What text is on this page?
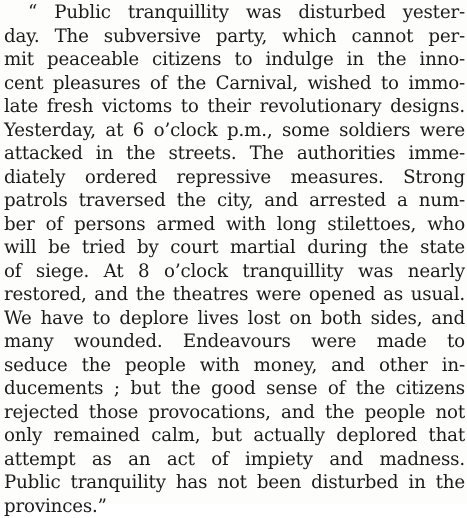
“ Public tranquillity was disturbed yester-
day. The subversive party, which cannot per-
mit peaceable citizens to indulge in the inno-
cent pleasures of the Carnival, wished to immo-
late fresh victoms to their revolutionary designs.
Yesterday, at 6 o’clock p.m., some soldiers were
attacked in the streets. The authorities imme-
diately ordered repressive measures. Strong
patrols traversed the city, and arrested a num-
ber of persons armed with long stilettoes, who
will be tried by court martial during the state
of siege. At 8 o’clock tranquillity was nearly
restored, and the theatres were opened as usual.
We have to deplore lives lost on both sides, and
many wounded. Endeavours were made to
seduce the people with money, and other in-
ducements ; but the good sense of the citizens
rejected those provocations, and the people not
only remained calm, but actually deplored that
attempt as an act of impiety and madness.
Public tranquility has not been disturbed in the
provinces.”
